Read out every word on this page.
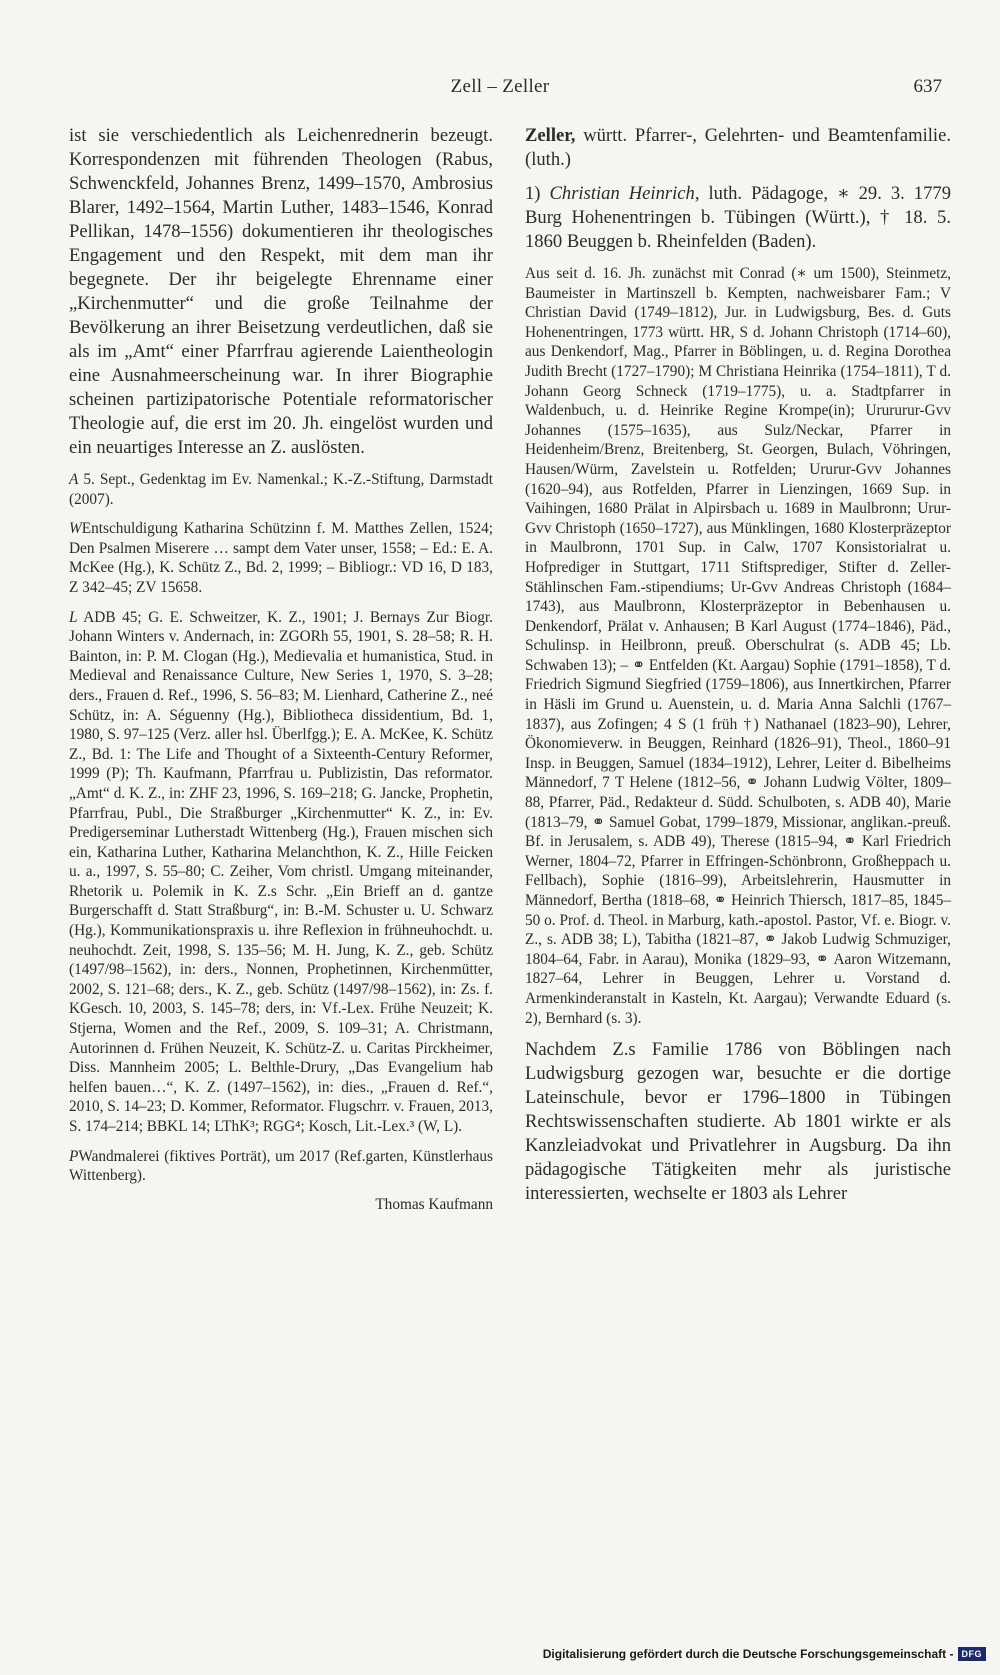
Zell – Zeller	637

ist sie verschiedentlich als Leichenrednerin bezeugt. Korrespondenzen mit führenden Theologen (Rabus, Schwenckfeld, Johannes Brenz, 1499–1570, Ambrosius Blarer, 1492–1564, Martin Luther, 1483–1546, Konrad Pellikan, 1478–1556) dokumentieren ihr theologisches Engagement und den Respekt, mit dem man ihr begegnete. Der ihr beigelegte Ehrenname einer „Kirchenmutter“ und die große Teilnahme der Bevölkerung an ihrer Beisetzung verdeutlichen, daß sie als im „Amt“ einer Pfarrfrau agierende Laientheologin eine Ausnahmeerscheinung war. In ihrer Biographie scheinen partizipatorische Potentiale reformatorischer Theologie auf, die erst im 20. Jh. eingelöst wurden und ein neuartiges Interesse an Z. auslösten.

A 5. Sept., Gedenktag im Ev. Namenkal.; K.-Z.-Stiftung, Darmstadt (2007).

WEntschuldigung Katharina Schützinn f. M. Matthes Zellen, 1524; Den Psalmen Miserere … sampt dem Vater unser, 1558; – Ed.: E. A. McKee (Hg.), K. Schütz Z., Bd. 2, 1999; – Bibliogr.: VD 16, D 183, Z 342–45; ZV 15658.

L ADB 45; G. E. Schweitzer, K. Z., 1901; J. Bernays Zur Biogr. Johann Winters v. Andernach, in: ZGORh 55, 1901, S. 28–58; R. H. Bainton, in: P. M. Clogan (Hg.), Medievalia et humanistica, Stud. in Medieval and Renaissance Culture, New Series 1, 1970, S. 3–28; ders., Frauen d. Ref., 1996, S. 56–83; M. Lienhard, Catherine Z., neé Schütz, in: A. Séguenny (Hg.), Bibliotheca dissidentium, Bd. 1, 1980, S. 97–125 (Verz. aller hsl. Überlfgg.); E. A. McKee, K. Schütz Z., Bd. 1: The Life and Thought of a Sixteenth-Century Reformer, 1999 (P); Th. Kaufmann, Pfarrfrau u. Publizistin, Das reformator. „Amt“ d. K. Z., in: ZHF 23, 1996, S. 169–218; G. Jancke, Prophetin, Pfarrfrau, Publ., Die Straßburger „Kirchenmutter“ K. Z., in: Ev. Predigerseminar Lutherstadt Wittenberg (Hg.), Frauen mischen sich ein, Katharina Luther, Katharina Melanchthon, K. Z., Hille Feicken u. a., 1997, S. 55–80; C. Zeiher, Vom christl. Umgang miteinander, Rhetorik u. Polemik in K. Z.s Schr. „Ein Brieff an d. gantze Burgerschafft d. Statt Straßburg“, in: B.-M. Schuster u. U. Schwarz (Hg.), Kommunikationspraxis u. ihre Reflexion in frühneuhochdt. u. neuhochdt. Zeit, 1998, S. 135–56; M. H. Jung, K. Z., geb. Schütz (1497/98–1562), in: ders., Nonnen, Prophetinnen, Kirchenmütter, 2002, S. 121–68; ders., K. Z., geb. Schütz (1497/98–1562), in: Zs. f. KGesch. 10, 2003, S. 145–78; ders, in: Vf.-Lex. Frühe Neuzeit; K. Stjerna, Women and the Ref., 2009, S. 109–31; A. Christmann, Autorinnen d. Frühen Neuzeit, K. Schütz-Z. u. Caritas Pirckheimer, Diss. Mannheim 2005; L. Belthle-Drury, „Das Evangelium hab helfen bauen…“, K. Z. (1497–1562), in: dies., „Frauen d. Ref.“, 2010, S. 14–23; D. Kommer, Reformator. Flugschrr. v. Frauen, 2013, S. 174–214; BBKL 14; LThK³; RGG⁴; Kosch, Lit.-Lex.³ (W, L).

PWandmalerei (fiktives Porträt), um 2017 (Ref.garten, Künstlerhaus Wittenberg).

Thomas Kaufmann

Zeller, württ. Pfarrer-, Gelehrten- und Beamtenfamilie. (luth.)

1) Christian Heinrich, luth. Pädagoge, ∗ 29. 3. 1779 Burg Hohenentringen b. Tübingen (Württ.), † 18. 5. 1860 Beuggen b. Rheinfelden (Baden).

Aus seit d. 16. Jh. zunächst mit Conrad (∗ um 1500), Steinmetz, Baumeister in Martinszell b. Kempten, nachweisbarer Fam.; V Christian David (1749–1812), Jur. in Ludwigsburg, Bes. d. Guts Hohenentringen, 1773 württ. HR, S d. Johann Christoph (1714–60), aus Denkendorf, Mag., Pfarrer in Böblingen, u. d. Regina Dorothea Judith Brecht (1727–1790); M Christiana Heinrika (1754–1811), T d. Johann Georg Schneck (1719–1775), u. a. Stadtpfarrer in Waldenbuch, u. d. Heinrike Regine Krompe(in); Urururur-Gvv Johannes (1575–1635), aus Sulz/Neckar, Pfarrer in Heidenheim/Brenz, Breitenberg, St. Georgen, Bulach, Vöhringen, Hausen/Würm, Zavelstein u. Rotfelden; Ururur-Gvv Johannes (1620–94), aus Rotfelden, Pfarrer in Lienzingen, 1669 Sup. in Vaihingen, 1680 Prälat in Alpirsbach u. 1689 in Maulbronn; Urur-Gvv Christoph (1650–1727), aus Münklingen, 1680 Klosterpräzeptor in Maulbronn, 1701 Sup. in Calw, 1707 Konsistorialrat u. Hofprediger in Stuttgart, 1711 Stiftsprediger, Stifter d. Zeller-Stählinschen Fam.-stipendiums; Ur-Gvv Andreas Christoph (1684–1743), aus Maulbronn, Klosterpräzeptor in Bebenhausen u. Denkendorf, Prälat v. Anhausen; B Karl August (1774–1846), Päd., Schulinsp. in Heilbronn, preuß. Oberschulrat (s. ADB 45; Lb. Schwaben 13); – ⚭ Entfelden (Kt. Aargau) Sophie (1791–1858), T d. Friedrich Sigmund Siegfried (1759–1806), aus Innertkirchen, Pfarrer in Häsli im Grund u. Auenstein, u. d. Maria Anna Salchli (1767–1837), aus Zofingen; 4 S (1 früh †) Nathanael (1823–90), Lehrer, Ökonomieverw. in Beuggen, Reinhard (1826–91), Theol., 1860–91 Insp. in Beuggen, Samuel (1834–1912), Lehrer, Leiter d. Bibelheims Männedorf, 7 T Helene (1812–56, ⚭ Johann Ludwig Völter, 1809–88, Pfarrer, Päd., Redakteur d. Südd. Schulboten, s. ADB 40), Marie (1813–79, ⚭ Samuel Gobat, 1799–1879, Missionar, anglikan.-preuß. Bf. in Jerusalem, s. ADB 49), Therese (1815–94, ⚭ Karl Friedrich Werner, 1804–72, Pfarrer in Effringen-Schönbronn, Großheppach u. Fellbach), Sophie (1816–99), Arbeitslehrerin, Hausmutter in Männedorf, Bertha (1818–68, ⚭ Heinrich Thiersch, 1817–85, 1845–50 o. Prof. d. Theol. in Marburg, kath.-apostol. Pastor, Vf. e. Biogr. v. Z., s. ADB 38; L), Tabitha (1821–87, ⚭ Jakob Ludwig Schmuziger, 1804–64, Fabr. in Aarau), Monika (1829–93, ⚭ Aaron Witzemann, 1827–64, Lehrer in Beuggen, Lehrer u. Vorstand d. Armenkinderanstalt in Kasteln, Kt. Aargau); Verwandte Eduard (s. 2), Bernhard (s. 3).

Nachdem Z.s Familie 1786 von Böblingen nach Ludwigsburg gezogen war, besuchte er die dortige Lateinschule, bevor er 1796–1800 in Tübingen Rechtswissenschaften studierte. Ab 1801 wirkte er als Kanzleiadvokat und Privatlehrer in Augsburg. Da ihn pädagogische Tätigkeiten mehr als juristische interessierten, wechselte er 1803 als Lehrer

Digitalisierung gefördert durch die Deutsche Forschungsgemeinschaft - DFG
